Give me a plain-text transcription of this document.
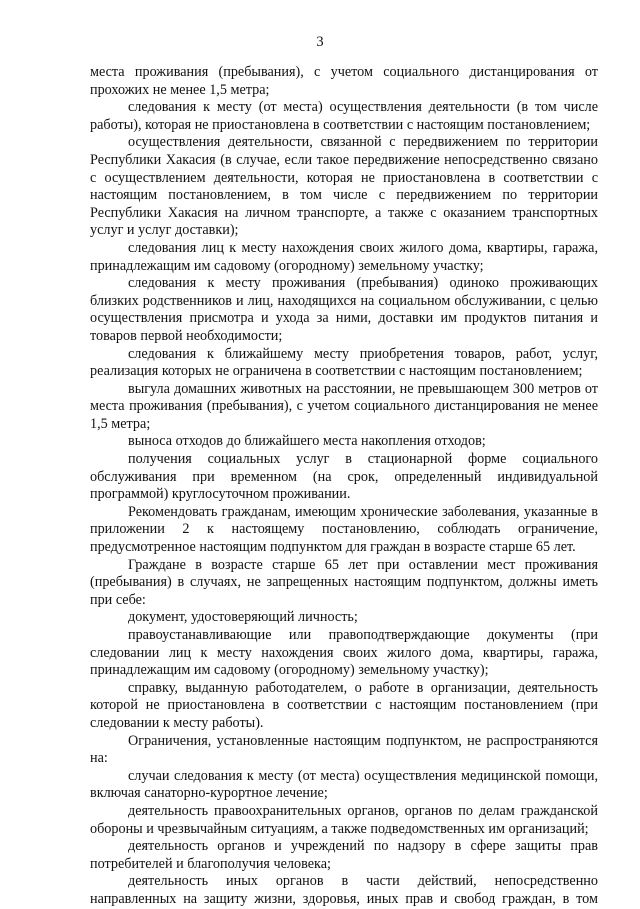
3
места проживания (пребывания), с учетом социального дистанцирования от
прохожих не менее 1,5 метра;
следования к месту (от места) осуществления деятельности (в том числе
работы), которая не приостановлена в соответствии с настоящим постановлением;
осуществления деятельности, связанной с передвижением по территории
Республики Хакасия (в случае, если такое передвижение непосредственно связано
с осуществлением деятельности, которая не приостановлена в соответствии с
настоящим постановлением, в том числе с передвижением по территории
Республики Хакасия на личном транспорте, а также с оказанием транспортных
услуг и услуг доставки);
следования лиц к месту нахождения своих жилого дома, квартиры, гаража,
принадлежащим им садовому (огородному) земельному участку;
следования к месту проживания (пребывания) одиноко проживающих
близких родственников и лиц, находящихся на социальном обслуживании, с целью
осуществления присмотра и ухода за ними, доставки им продуктов питания и
товаров первой необходимости;
следования к ближайшему месту приобретения товаров, работ, услуг,
реализация которых не ограничена в соответствии с настоящим постановлением;
выгула домашних животных на расстоянии, не превышающем 300 метров от
места проживания (пребывания), с учетом социального дистанцирования не менее
1,5 метра;
выноса отходов до ближайшего места накопления отходов;
получения социальных услуг в стационарной форме социального
обслуживания при временном (на срок, определенный индивидуальной
программой) круглосуточном проживании.
Рекомендовать гражданам, имеющим хронические заболевания, указанные в
приложении 2 к настоящему постановлению, соблюдать ограничение,
предусмотренное настоящим подпунктом для граждан в возрасте старше 65 лет.
Граждане в возрасте старше 65 лет при оставлении мест проживания
(пребывания) в случаях, не запрещенных настоящим подпунктом, должны иметь
при себе:
документ, удостоверяющий личность;
правоустанавливающие или правоподтверждающие документы (при
следовании лиц к месту нахождения своих жилого дома, квартиры, гаража,
принадлежащим им садовому (огородному) земельному участку);
справку, выданную работодателем, о работе в организации, деятельность
которой не приостановлена в соответствии с настоящим постановлением (при
следовании к месту работы).
Ограничения, установленные настоящим подпунктом, не распространяются
на:
случаи следования к месту (от места) осуществления медицинской помощи,
включая санаторно-курортное лечение;
деятельность правоохранительных органов, органов по делам гражданской
обороны и чрезвычайным ситуациям, а также подведомственных им организаций;
деятельность органов и учреждений по надзору в сфере защиты прав
потребителей и благополучия человека;
деятельность иных органов в части действий, непосредственно
направленных на защиту жизни, здоровья, иных прав и свобод граждан, в том
